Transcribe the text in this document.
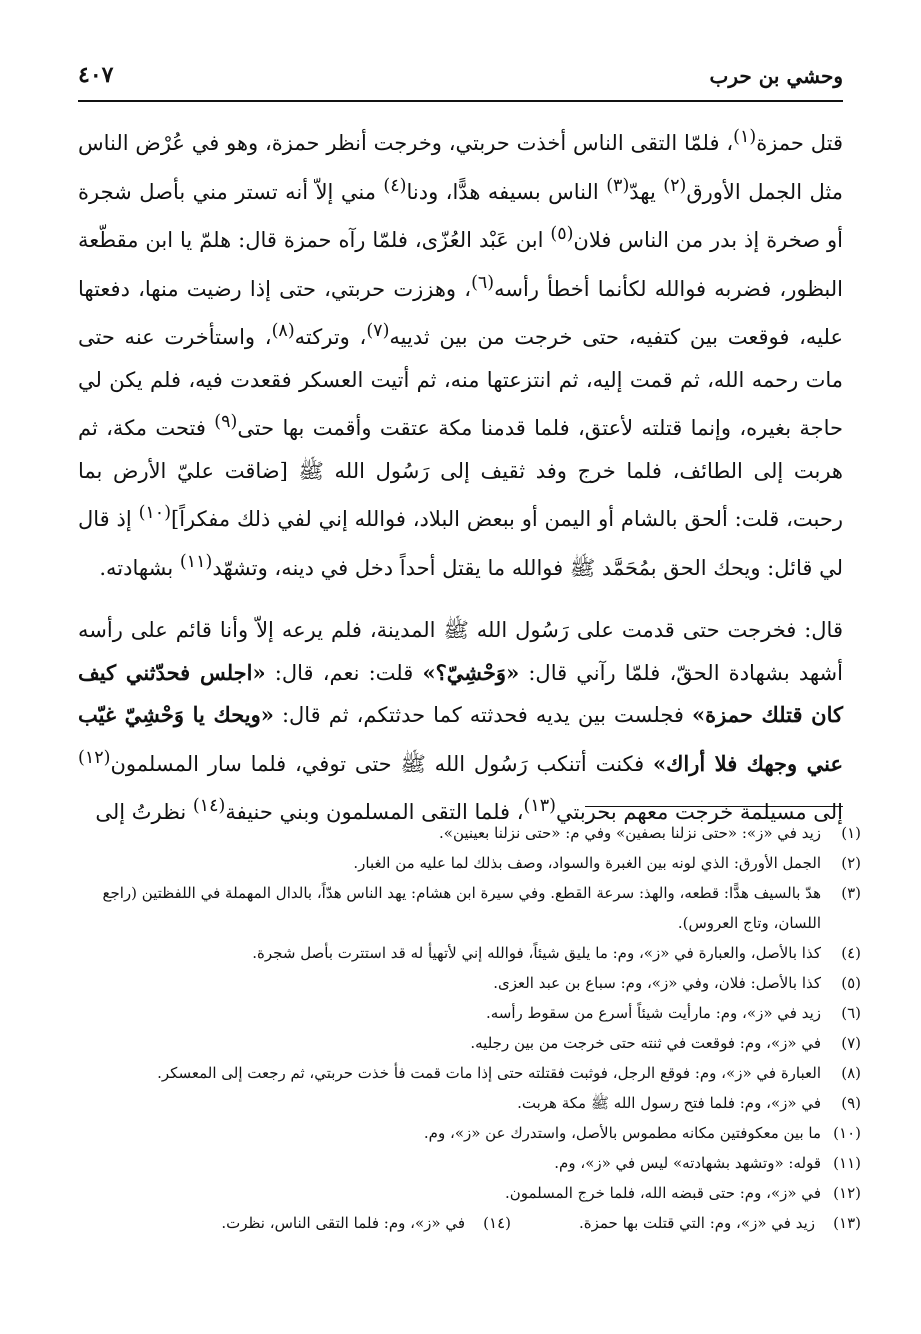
وحشي بن حرب
٤٠٧

قتل حمزة$^{(١)}$، فلمّا التقى الناس أخذت حربتي، وخرجت أنظر حمزة، وهو في عُرْض الناس مثل الجمل الأورق$^{(٢)}$ يهدّ$^{(٣)}$ الناس بسيفه هدًّا، ودنا$^{(٤)}$ مني إلاّ أنه تستر مني بأصل شجرة أو صخرة إذ بدر من الناس فلان$^{(٥)}$ ابن عَبْد العُزّى، فلمّا رآه حمزة قال: هلمّ يا ابن مقطّعة البظور، فضربه فوالله لكأنما أخطأ رأسه$^{(٦)}$، وهززت حربتي، حتى إذا رضيت منها، دفعتها عليه، فوقعت بين كتفيه، حتى خرجت من بين ثدييه$^{(٧)}$، وتركته$^{(٨)}$، واستأخرت عنه حتى مات رحمه الله، ثم قمت إليه، ثم انتزعتها منه، ثم أتيت العسكر فقعدت فيه، فلم يكن لي حاجة بغيره، وإنما قتلته لأعتق، فلما قدمنا مكة عتقت وأقمت بها حتى$^{(٩)}$ فتحت مكة، ثم هربت إلى الطائف، فلما خرج وفد ثقيف إلى رَسُول الله ﷺ [ضاقت عليّ الأرض بما رحبت، قلت: ألحق بالشام أو اليمن أو ببعض البلاد، فوالله إني لفي ذلك مفكراً]$^{(١٠)}$ إذ قال لي قائل: ويحك الحق بمُحَمَّد ﷺ فوالله ما يقتل أحداً دخل في دينه، وتشهّد$^{(١١)}$ بشهادته.

قال: فخرجت حتى قدمت على رَسُول الله ﷺ المدينة، فلم يرعه إلاّ وأنا قائم على رأسه أشهد بشهادة الحقّ، فلمّا رآني قال: «وَحْشِيّ؟» قلت: نعم، قال: «اجلس فحدّثني كيف كان قتلك حمزة» فجلست بين يديه فحدثته كما حدثتكم، ثم قال: «ويحك يا وَحْشِيّ غيّب عني وجهك فلا أراك» فكنت أتنكب رَسُول الله ﷺ حتى توفي، فلما سار المسلمون$^{(١٢)}$ إلى مسيلمة خرجت معهم بحربتي$^{(١٣)}$، فلما التقى المسلمون وبني حنيفة$^{(١٤)}$ نظرتُ إلى

(١)
زيد في «ز»: «حتى نزلنا بصفين» وفي م: «حتى نزلنا بعينين».
(٢)
الجمل الأورق: الذي لونه بين الغبرة والسواد، وصف بذلك لما عليه من الغبار.
(٣)
هدّ بالسيف هدًّا: قطعه، والهذ: سرعة القطع. وفي سيرة ابن هشام: يهد الناس هدّاً، بالدال المهملة في اللفظتين (راجع اللسان، وتاج العروس).
(٤)
كذا بالأصل، والعبارة في «ز»، وم: ما يليق شيئاً، فوالله إني لأتهيأ له قد استترت بأصل شجرة.
(٥)
كذا بالأصل: فلان، وفي «ز»، وم: سباع بن عبد العزى.
(٦)
زيد في «ز»، وم: مارأيت شيئاً أسرع من سقوط رأسه.
(٧)
في «ز»، وم: فوقعت في ثنته حتى خرجت من بين رجليه.
(٨)
العبارة في «ز»، وم: فوقع الرجل، فوثبت فقتلته حتى إذا مات قمت فأ خذت حربتي، ثم رجعت إلى المعسكر.
(٩)
في «ز»، وم: فلما فتح رسول الله ﷺ مكة هربت.
(١٠)
ما بين معكوفتين مكانه مطموس بالأصل، واستدرك عن «ز»، وم.
(١١)
قوله: «وتشهد بشهادته» ليس في «ز»، وم.
(١٢)
في «ز»، وم: حتى قبضه الله، فلما خرج المسلمون.
(١٣)
زيد في «ز»، وم: التي قتلت بها حمزة.
(١٤)
في «ز»، وم: فلما التقى الناس، نظرت.
